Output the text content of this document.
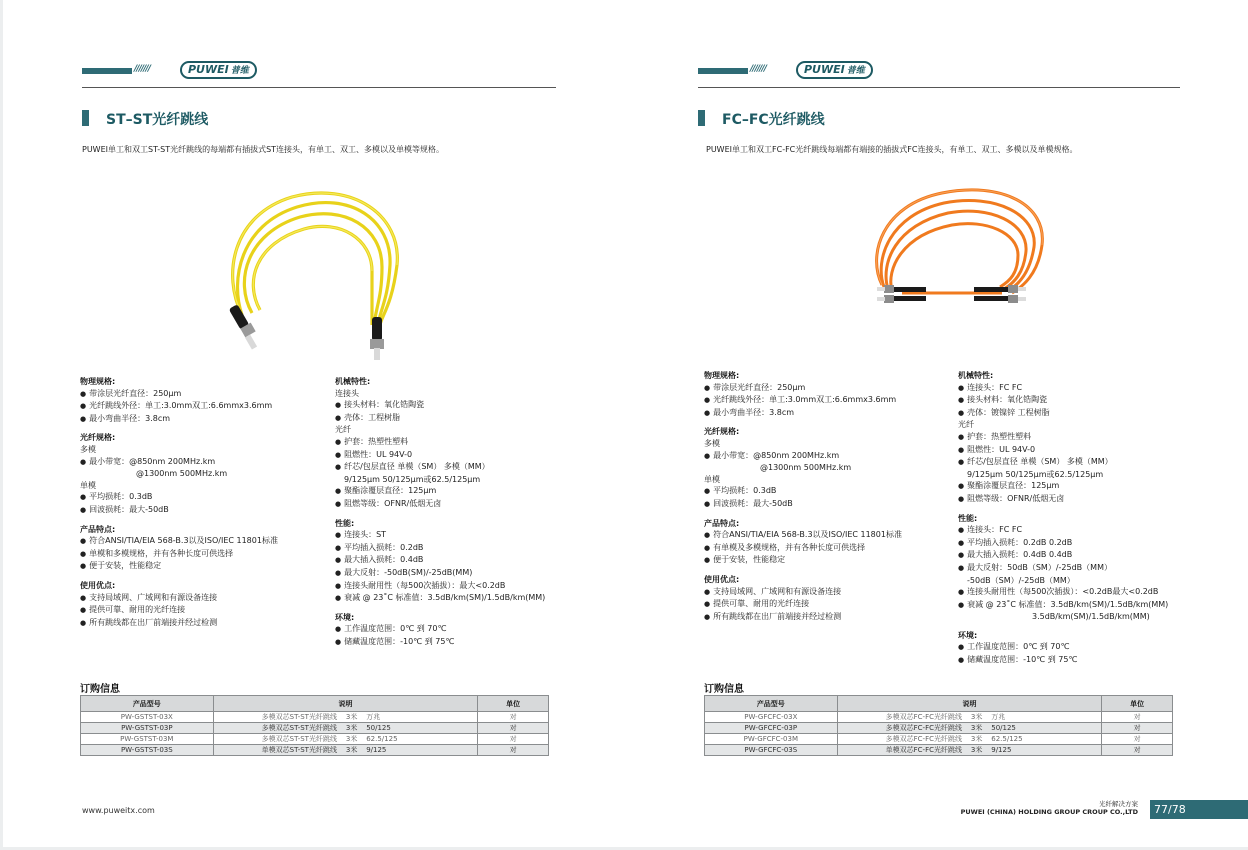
///////	PUWEI 普维
ST–ST光纤跳线
PUWEI单工和双工ST-ST光纤跳线的每端都有插拔式ST连接头，有单工、双工、多模以及单模等规格。
物理规格:
● 带涂层光纤直径：250μm
● 光纤跳线外径：单工:3.0mm双工:6.6mmx3.6mm
● 最小弯曲半径：3.8cm
光纤规格:
多模
● 最小带宽：@850nm 200MHz.km
@1300nm 500MHz.km
单模
● 平均损耗：0.3dB
● 回波损耗：最大-50dB
产品特点:
● 符合ANSI/TIA/EIA 568-B.3以及ISO/IEC 11801标准
● 单模和多模规格，并有各种长度可供选择
● 便于安装，性能稳定
使用优点:
● 支持局域网、广域网和有源设备连接
● 提供可靠、耐用的光纤连接
● 所有跳线都在出厂前端接并经过检测
机械特性:
连接头
● 接头材料：氧化锆陶瓷
● 壳体：工程树脂
光纤
● 护套：热塑性塑料
● 阻燃性：UL 94V-0
● 纤芯/包层直径 单模（SM） 多模（MM）
9/125μm 50/125μm或62.5/125μm
● 聚酯涂覆层直径：125μm
● 阻燃等级：OFNR/低烟无卤
性能:
● 连接头：ST
● 平均插入损耗：0.2dB
● 最大插入损耗：0.4dB
● 最大反射：-50dB(SM)/-25dB(MM)
● 连接头耐用性（每500次插拔）：最大<0.2dB
● 衰减 @ 23˚C 标准值：3.5dB/km(SM)/1.5dB/km(MM)
环境:
● 工作温度范围：0℃ 到 70℃
● 储藏温度范围：-10℃ 到 75℃
订购信息
产品型号	说明	单位
PW-GSTST-03X	多模双芯ST-ST光纤跳线    3米    万兆	对
PW-GSTST-03P	多模双芯ST-ST光纤跳线    3米    50/125	对
PW-GSTST-03M	多模双芯ST-ST光纤跳线    3米    62.5/125	对
PW-GSTST-03S	单模双芯ST-ST光纤跳线    3米    9/125	对
www.puweitx.com
///////	PUWEI 普维
FC–FC光纤跳线
PUWEI单工和双工FC-FC光纤跳线每端都有端接的插拔式FC连接头，有单工、双工、多模以及单模规格。
物理规格:
● 带涂层光纤直径：250μm
● 光纤跳线外径：单工:3.0mm双工:6.6mmx3.6mm
● 最小弯曲半径：3.8cm
光纤规格:
多模
● 最小带宽：@850nm 200MHz.km
@1300nm 500MHz.km
单模
● 平均损耗：0.3dB
● 回波损耗：最大-50dB
产品特点:
● 符合ANSI/TIA/EIA 568-B.3以及ISO/IEC 11801标准
● 有单模及多模规格，并有各种长度可供选择
● 便于安装，性能稳定
使用优点:
● 支持局域网、广域网和有源设备连接
● 提供可靠、耐用的光纤连接
● 所有跳线都在出厂前端接并经过检测
机械特性:
● 连接头：FC FC
● 接头材料：氧化锆陶瓷
● 壳体：镀镍锌 工程树脂
光纤
● 护套：热塑性塑料
● 阻燃性：UL 94V-0
● 纤芯/包层直径 单模（SM） 多模（MM）
9/125μm 50/125μm或62.5/125μm
● 聚酯涂覆层直径：125μm
● 阻燃等级：OFNR/低烟无卤
性能:
● 连接头：FC FC
● 平均插入损耗：0.2dB 0.2dB
● 最大插入损耗：0.4dB 0.4dB
● 最大反射：50dB（SM）/-25dB（MM）
-50dB（SM）/-25dB（MM）
● 连接头耐用性（每500次插拔）：<0.2dB最大<0.2dB
● 衰减 @ 23˚C 标准值：3.5dB/km(SM)/1.5dB/km(MM)
3.5dB/km(SM)/1.5dB/km(MM)
环境:
● 工作温度范围：0℃ 到 70℃
● 储藏温度范围：-10℃ 到 75℃
订购信息
产品型号	说明	单位
PW-GFCFC-03X	多模双芯FC-FC光纤跳线    3米    万兆	对
PW-GFCFC-03P	多模双芯FC-FC光纤跳线    3米    50/125	对
PW-GFCFC-03M	多模双芯FC-FC光纤跳线    3米    62.5/125	对
PW-GFCFC-03S	单模双芯FC-FC光纤跳线    3米    9/125	对
光纤解决方案
PUWEI (CHINA) HOLDING GROUP CROUP CO.,LTD	77/78
